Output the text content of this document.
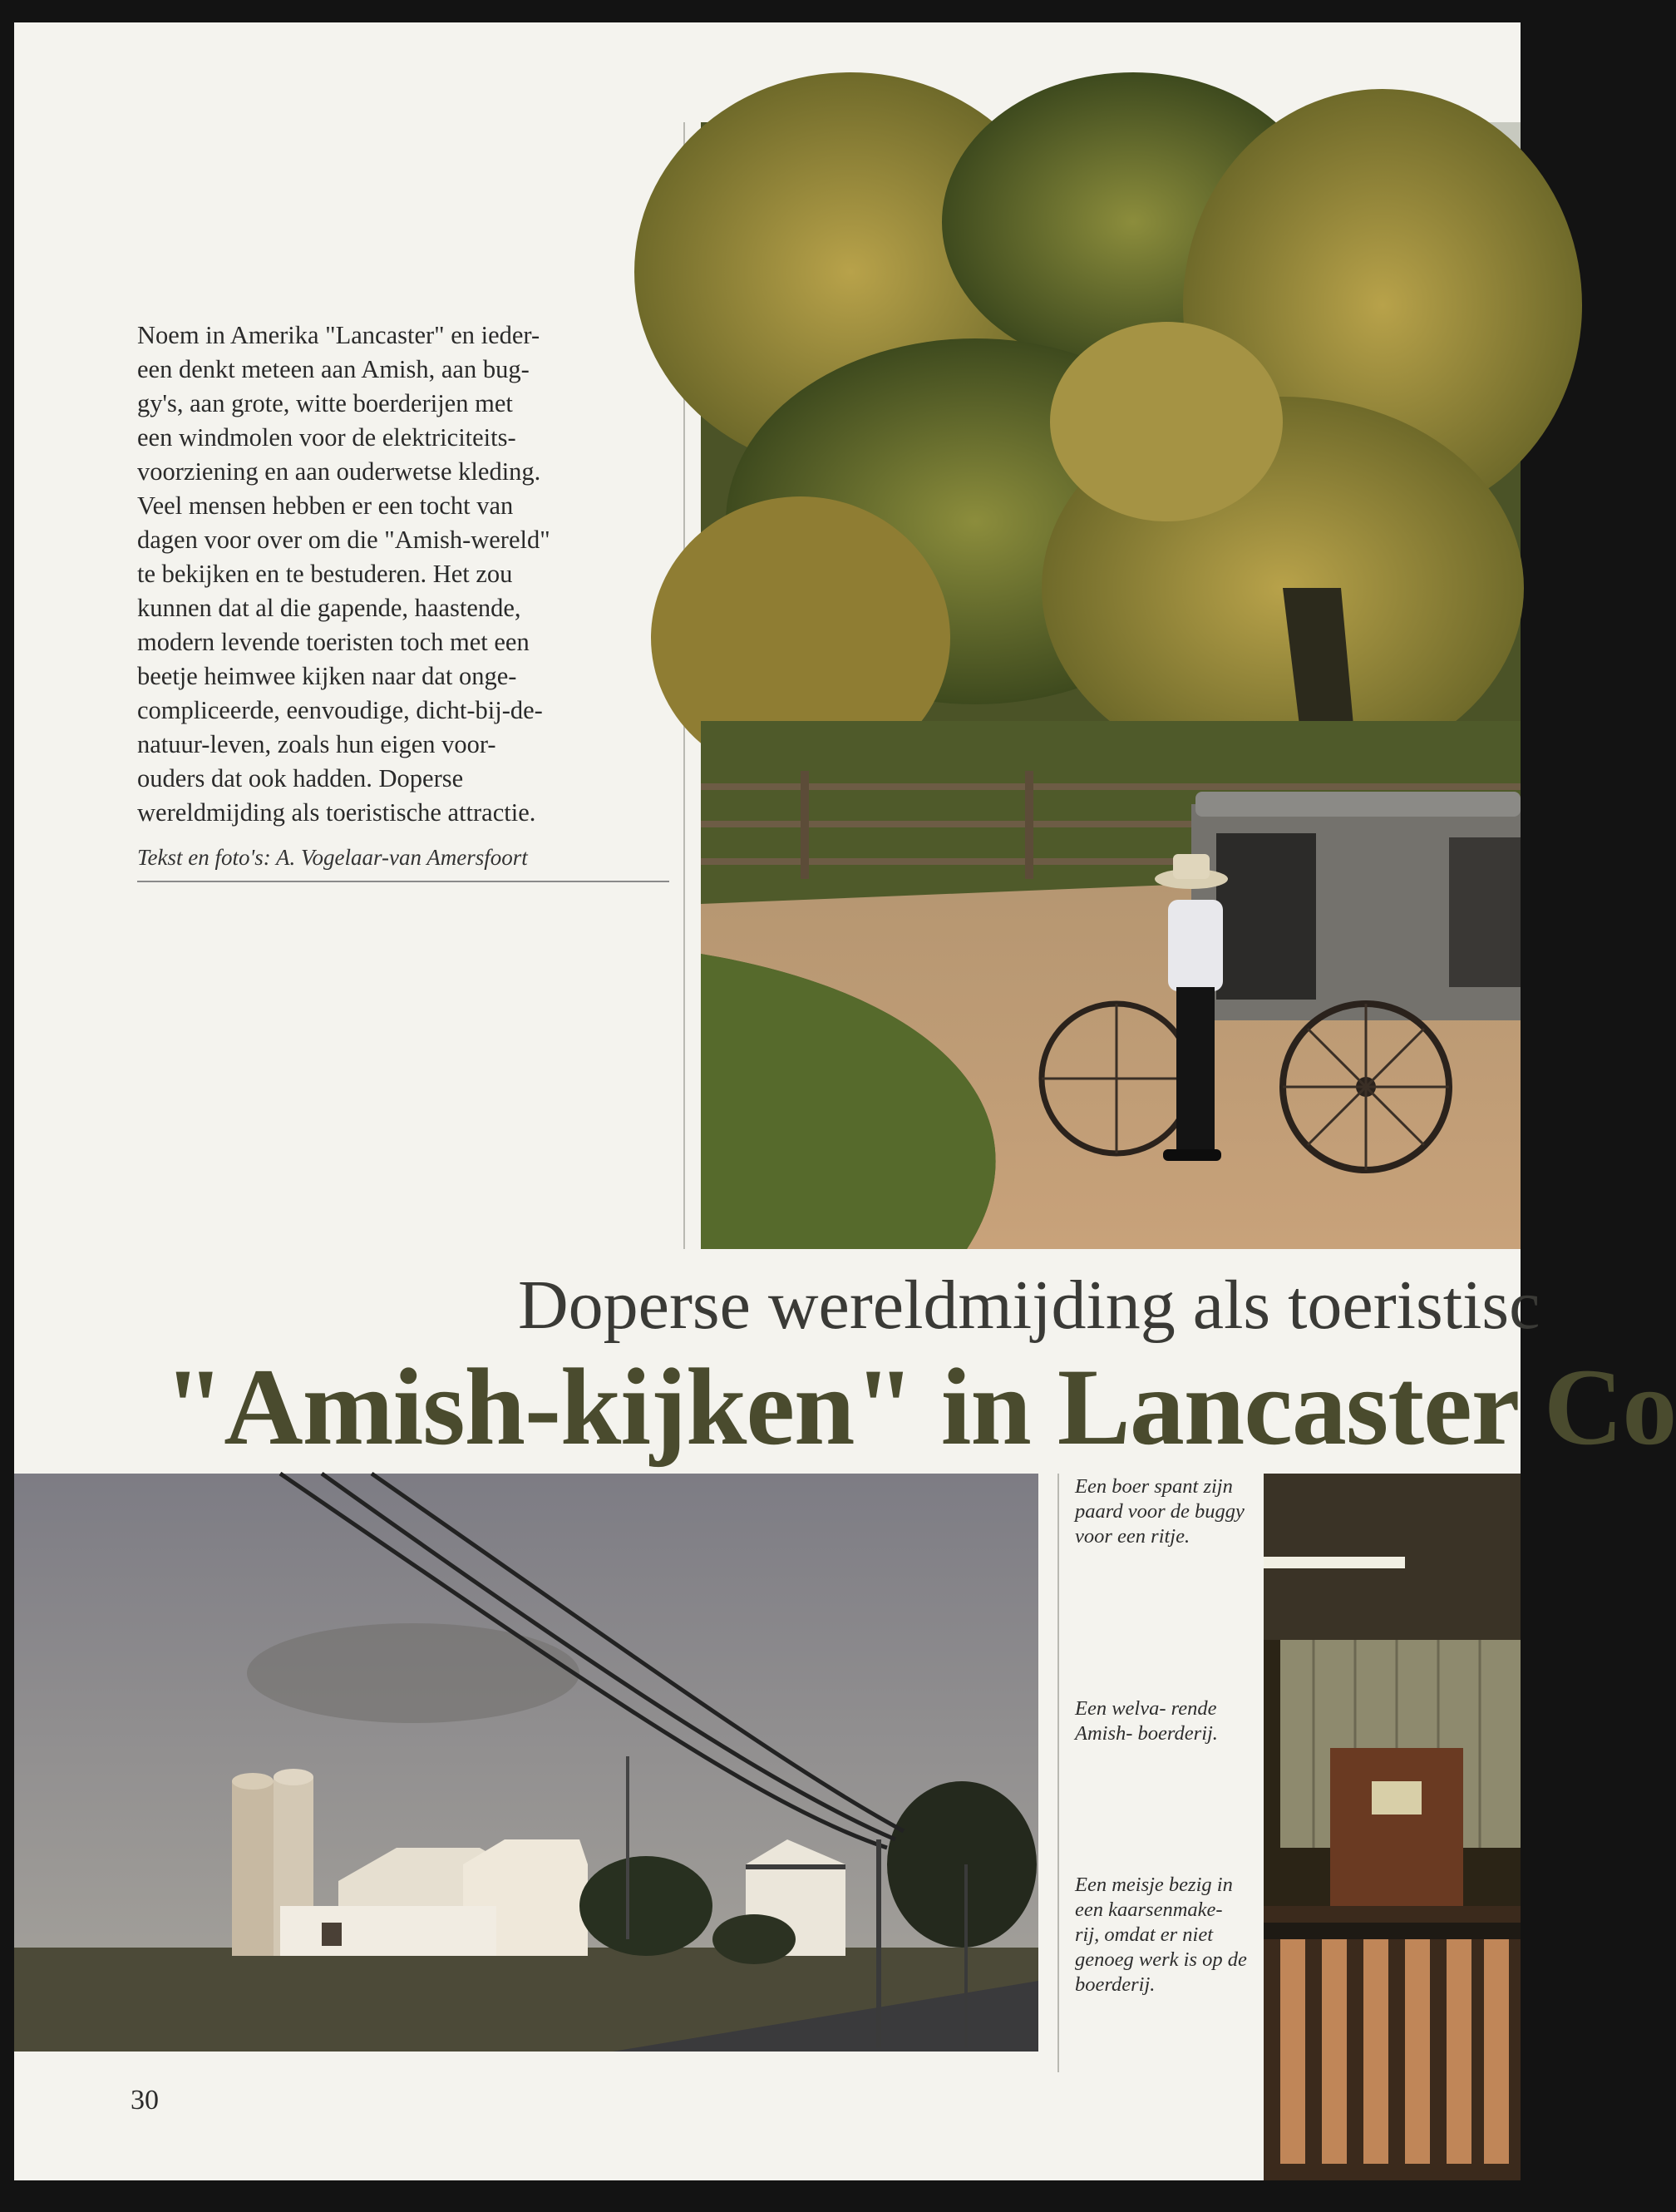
Noem in Amerika "Lancaster" en ieder-

een denkt meteen aan Amish, aan bug-

gy's, aan grote, witte boerderijen met

een windmolen voor de elektriciteits-

voorziening en aan ouderwetse kleding.

Veel mensen hebben er een tocht van

dagen voor over om die "Amish-wereld"

te bekijken en te bestuderen. Het zou

kunnen dat al die gapende, haastende,

modern levende toeristen toch met een

beetje heimwee kijken naar dat onge-

compliceerde, eenvoudige, dicht-bij-de-

natuur-leven, zoals hun eigen voor-

ouders dat ook hadden. Doperse

wereldmijding als toeristische attractie.

Tekst en foto's: A. Vogelaar-van Amersfoort
Doperse wereldmijding als toeristisc
"Amish-kijken" in Lancaster Co
Een boer spant zijn paard voor de buggy voor een ritje.
Een welva- rende Amish- boerderij.
Een meisje bezig in een kaarsenmake- rij, omdat er niet genoeg werk is op de boerderij.
30
